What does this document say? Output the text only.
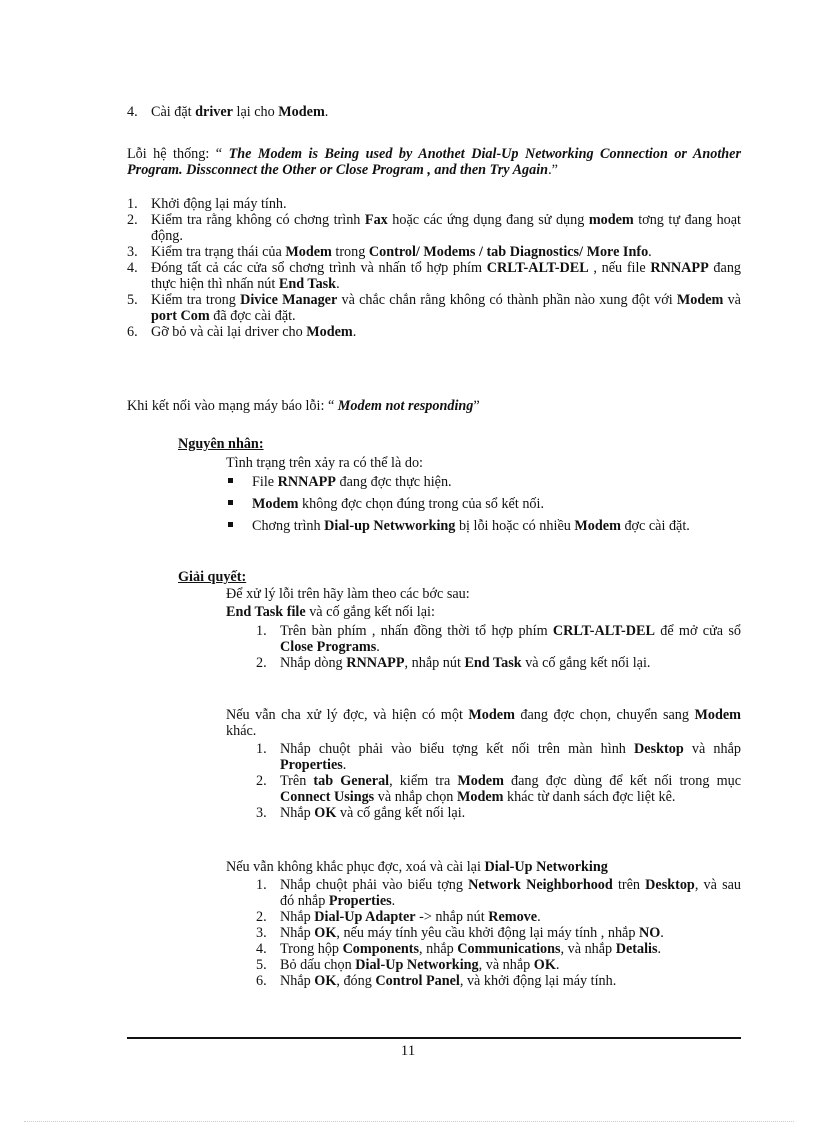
4. Cài đặt driver lại cho Modem.

Lỗi hệ thống: “ The Modem is Being used by Anothet Dial-Up Networking Connection or Another Program. Dissconnect the Other or Close Program , and then Try Again.”

1. Khởi động lại máy tính.
2. Kiểm tra rằng không có chơng trình Fax hoặc các ứng dụng đang sử dụng modem tơng tự đang hoạt động.
3. Kiểm tra trạng thái của Modem trong Control/ Modems / tab Diagnostics/ More Info.
4. Đóng tất cả các cửa sổ chơng trình và nhấn tổ hợp phím CRLT-ALT-DEL , nếu file RNNAPP đang thực hiện thì nhấn nút End Task.
5. Kiểm tra trong Divice Manager và chắc chắn rằng không có thành phần nào xung đột với Modem và port Com đã đợc cài đặt.
6. Gỡ bỏ và cài lại driver cho Modem.

Khi kết nối vào mạng máy báo lỗi: “ Modem not responding”

Nguyên nhân:

Tình trạng trên xảy ra có thể là do:

File RNNAPP đang đợc thực hiện.
Modem không đợc chọn đúng trong của sổ kết nối.
Chơng trình Dial-up Netwworking bị lỗi hoặc có nhiều Modem đợc cài đặt.

Giải quyết:

Để xử lý lỗi trên hãy làm theo các bớc sau:

End Task file và cố gắng kết nối lại:

1. Trên bàn phím , nhấn đồng thời tổ hợp phím CRLT-ALT-DEL để mở cửa sổ Close Programs.
2. Nhắp dòng RNNAPP, nhắp nút End Task và cố gắng kết nối lại.

Nếu vẫn cha xử lý đợc, và hiện có một Modem đang đợc chọn, chuyển sang Modem khác.

1. Nhắp chuột phải vào biểu tợng kết nối trên màn hình Desktop và nhắp Properties.
2. Trên tab General, kiểm tra Modem đang đợc dùng để kết nối trong mục Connect Usings và nhắp chọn Modem khác từ danh sách đợc liệt kê.
3. Nhắp OK và cố gắng kết nối lại.

Nếu vẫn không khắc phục đợc, xoá và cài lại Dial-Up Networking

1. Nhắp chuột phải vào biểu tợng Network Neighborhood trên Desktop, và sau đó nhắp Properties.
2. Nhắp Dial-Up Adapter -> nhắp nút Remove.
3. Nhắp OK, nếu máy tính yêu cầu khởi động lại máy tính , nhắp NO.
4. Trong hộp Components, nhắp Communications, và nhắp Detalis.
5. Bỏ dấu chọn Dial-Up Networking, và nhắp OK.
6. Nhắp OK, đóng Control Panel, và khởi động lại máy tính.

11
